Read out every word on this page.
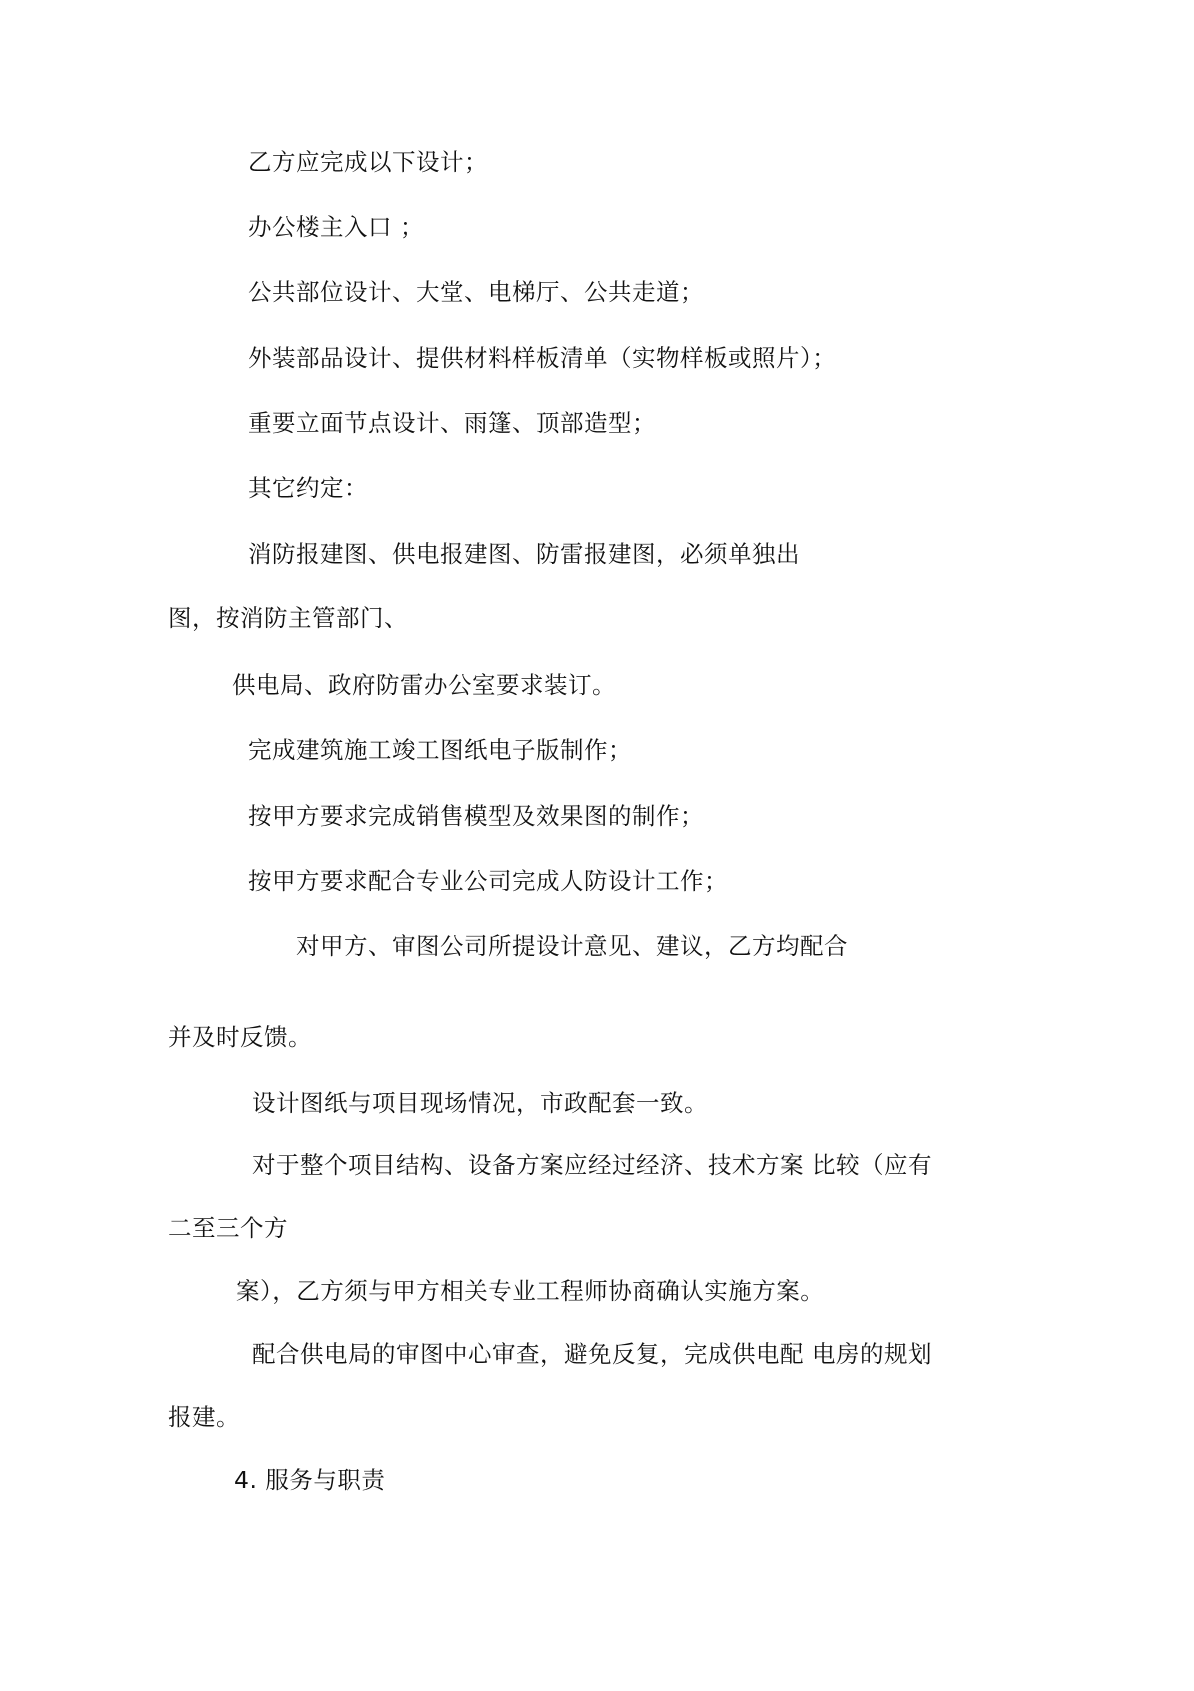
乙方应完成以下设计；
办公楼主入口 ；
公共部位设计、大堂、电梯厅、公共走道；
外装部品设计、提供材料样板清单（实物样板或照片）；
重要立面节点设计、雨篷、顶部造型；
其它约定：
消防报建图、供电报建图、防雷报建图，必须单独出
图，按消防主管部门、
供电局、政府防雷办公室要求装订。
完成建筑施工竣工图纸电子版制作；
按甲方要求完成销售模型及效果图的制作；
按甲方要求配合专业公司完成人防设计工作；
对甲方、审图公司所提设计意见、建议，乙方均配合
并及时反馈。
设计图纸与项目现场情况，市政配套一致。
对于整个项目结构、设备方案应经过经济、技术方案 比较（应有
二至三个方
案），乙方须与甲方相关专业工程师协商确认实施方案。
配合供电局的审图中心审查，避免反复，完成供电配 电房的规划
报建。
4. 服务与职责
